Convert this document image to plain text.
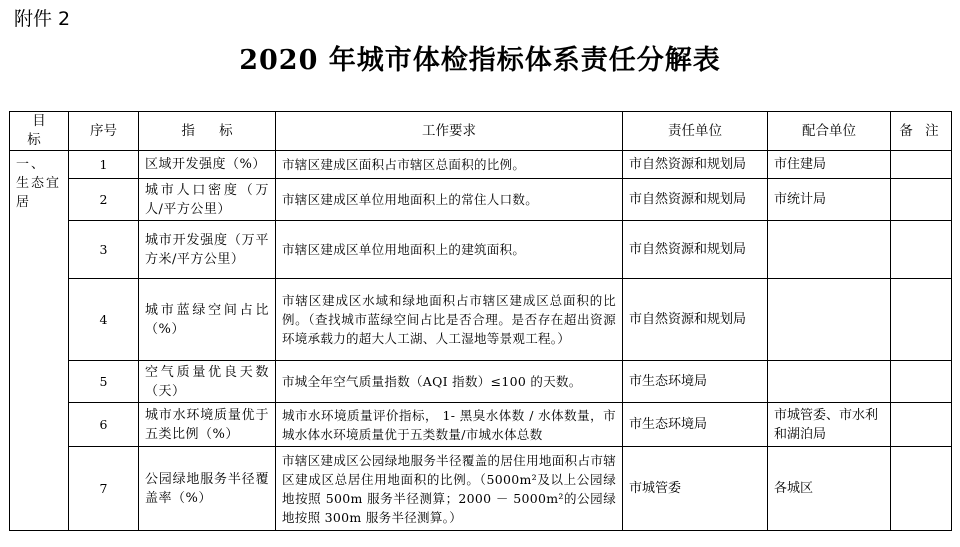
附件 2
2020 年城市体检指标体系责任分解表
目 标	序号	指 标	工作要求	责任单位	配合单位	备 注
一、 生态宜居	1	区域开发强度（%）	市辖区建成区面积占市辖区总面积的比例。	市自然资源和规划局	市住建局	
	2	城市人口密度（万人/平方公里）	市辖区建成区单位用地面积上的常住人口数。	市自然资源和规划局	市统计局	
	3	城市开发强度（万平方米/平方公里）	市辖区建成区单位用地面积上的建筑面积。	市自然资源和规划局		
	4	城市蓝绿空间占比（%）	市辖区建成区水域和绿地面积占市辖区建成区总面积的比例。（查找城市蓝绿空间占比是否合理。是否存在超出资源环境承载力的超大人工湖、人工湿地等景观工程。）	市自然资源和规划局		
	5	空气质量优良天数（天）	市城全年空气质量指数（AQI 指数）≤100 的天数。	市生态环境局		
	6	城市水环境质量优于五类比例（%）	城市水环境质量评价指标， 1- 黑臭水体数 / 水体数量，市城水体水环境质量优于五类数量/市城水体总数	市生态环境局	市城管委、市水利和湖泊局	
	7	公园绿地服务半径覆盖率（%）	市辖区建成区公园绿地服务半径覆盖的居住用地面积占市辖区建成区总居住用地面积的比例。（5000m²及以上公园绿地按照 500m 服务半径测算；2000 － 5000m²的公园绿地按照 300m 服务半径测算。）	市城管委	各城区	
